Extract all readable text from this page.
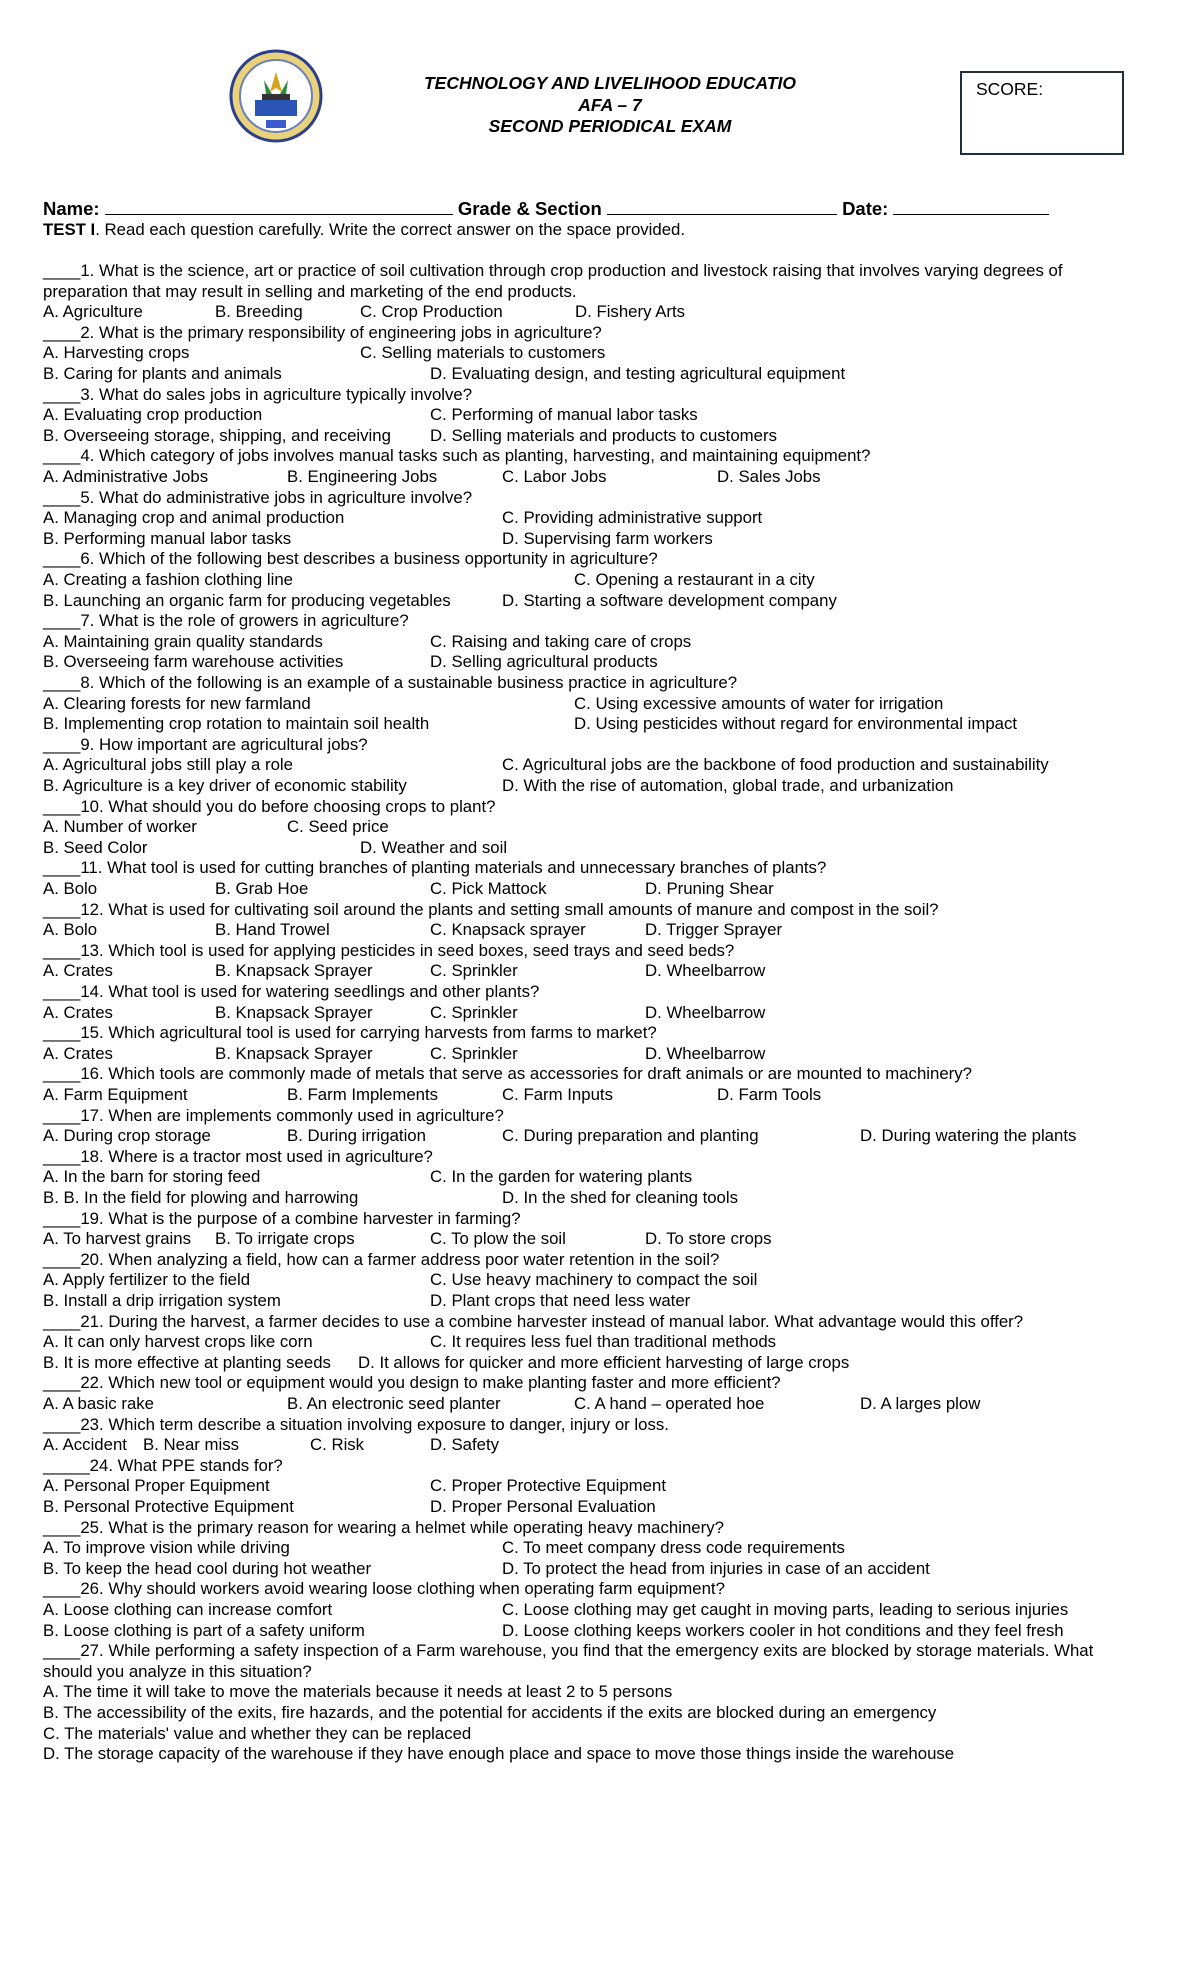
TECHNOLOGY AND LIVELIHOOD EDUCATIO
AFA – 7
SECOND PERIODICAL EXAM
SCORE:
Name:	Grade & Section	Date:
TEST I. Read each question carefully. Write the correct answer on the space provided.
____1. What is the science, art or practice of soil cultivation through crop production and livestock raising that involves varying degrees of preparation that may result in selling and marketing of the end products.
A. Agriculture	B. Breeding	C. Crop Production	D. Fishery Arts
____2. What is the primary responsibility of engineering jobs in agriculture?
A. Harvesting crops	C. Selling materials to customers
B. Caring for plants and animals	D. Evaluating design, and testing agricultural equipment
____3. What do sales jobs in agriculture typically involve?
A. Evaluating crop production	C. Performing of manual labor tasks
B. Overseeing storage, shipping, and receiving D. Selling materials and products to customers
____4. Which category of jobs involves manual tasks such as planting, harvesting, and maintaining equipment?
A. Administrative Jobs	B. Engineering Jobs	C. Labor Jobs	D. Sales Jobs
____5. What do administrative jobs in agriculture involve?
A. Managing crop and animal production	C. Providing administrative support
B. Performing manual labor tasks	D. Supervising farm workers
____6. Which of the following best describes a business opportunity in agriculture?
A. Creating a fashion clothing line	C. Opening a restaurant in a city
B. Launching an organic farm for producing vegetables	D. Starting a software development company
____7. What is the role of growers in agriculture?
A. Maintaining grain quality standards	C. Raising and taking care of crops
B. Overseeing farm warehouse activities	D. Selling agricultural products
____8. Which of the following is an example of a sustainable business practice in agriculture?
A. Clearing forests for new farmland	C. Using excessive amounts of water for irrigation
B. Implementing crop rotation to maintain soil health	D. Using pesticides without regard for environmental impact
____9. How important are agricultural jobs?
A. Agricultural jobs still play a role	C. Agricultural jobs are the backbone of food production and sustainability
B. Agriculture is a key driver of economic stability	D. With the rise of automation, global trade, and urbanization
____10. What should you do before choosing crops to plant?
A. Number of worker	C. Seed price
B. Seed Color	D. Weather and soil
____11. What tool is used for cutting branches of planting materials and unnecessary branches of plants?
A. Bolo	B. Grab Hoe	C. Pick Mattock	D. Pruning Shear
____12. What is used for cultivating soil around the plants and setting small amounts of manure and compost in the soil?
A. Bolo	B. Hand Trowel	C. Knapsack sprayer	D. Trigger Sprayer
____13. Which tool is used for applying pesticides in seed boxes, seed trays and seed beds?
A. Crates	B. Knapsack Sprayer	C. Sprinkler	D. Wheelbarrow
____14. What tool is used for watering seedlings and other plants?
A. Crates	B. Knapsack Sprayer	C. Sprinkler	D. Wheelbarrow
____15. Which agricultural tool is used for carrying harvests from farms to market?
A. Crates	B. Knapsack Sprayer	C. Sprinkler	D. Wheelbarrow
____16. Which tools are commonly made of metals that serve as accessories for draft animals or are mounted to machinery?
A. Farm Equipment	B. Farm Implements	C. Farm Inputs	D. Farm Tools
____17. When are implements commonly used in agriculture?
A. During crop storage	B. During irrigation	C. During preparation and planting	D. During watering the plants
____18. Where is a tractor most used in agriculture?
A. In the barn for storing feed	C. In the garden for watering plants
B. B. In the field for plowing and harrowing	D. In the shed for cleaning tools
____19. What is the purpose of a combine harvester in farming?
A. To harvest grains B. To irrigate crops	C. To plow the soil	D. To store crops
____20. When analyzing a field, how can a farmer address poor water retention in the soil?
A. Apply fertilizer to the field	C. Use heavy machinery to compact the soil
B. Install a drip irrigation system	D. Plant crops that need less water
____21. During the harvest, a farmer decides to use a combine harvester instead of manual labor. What advantage would this offer?
A. It can only harvest crops like corn	C. It requires less fuel than traditional methods
B. It is more effective at planting seeds D. It allows for quicker and more efficient harvesting of large crops
____22. Which new tool or equipment would you design to make planting faster and more efficient?
A. A basic rake	B. An electronic seed planter	C. A hand – operated hoe	D. A larges plow
____23. Which term describe a situation involving exposure to danger, injury or loss.
A. Accident B. Near miss	C. Risk	D. Safety
_____24. What PPE stands for?
A. Personal Proper Equipment	C. Proper Protective Equipment
B. Personal Protective Equipment	D. Proper Personal Evaluation
____25. What is the primary reason for wearing a helmet while operating heavy machinery?
A. To improve vision while driving	C. To meet company dress code requirements
B. To keep the head cool during hot weather	D. To protect the head from injuries in case of an accident
____26. Why should workers avoid wearing loose clothing when operating farm equipment?
A. Loose clothing can increase comfort	C. Loose clothing may get caught in moving parts, leading to serious injuries
B. Loose clothing is part of a safety uniform	D. Loose clothing keeps workers cooler in hot conditions and they feel fresh
____27. While performing a safety inspection of a Farm warehouse, you find that the emergency exits are blocked by storage materials. What should you analyze in this situation?
A. The time it will take to move the materials because it needs at least 2 to 5 persons
B. The accessibility of the exits, fire hazards, and the potential for accidents if the exits are blocked during an emergency
C. The materials' value and whether they can be replaced
D. The storage capacity of the warehouse if they have enough place and space to move those things inside the warehouse
